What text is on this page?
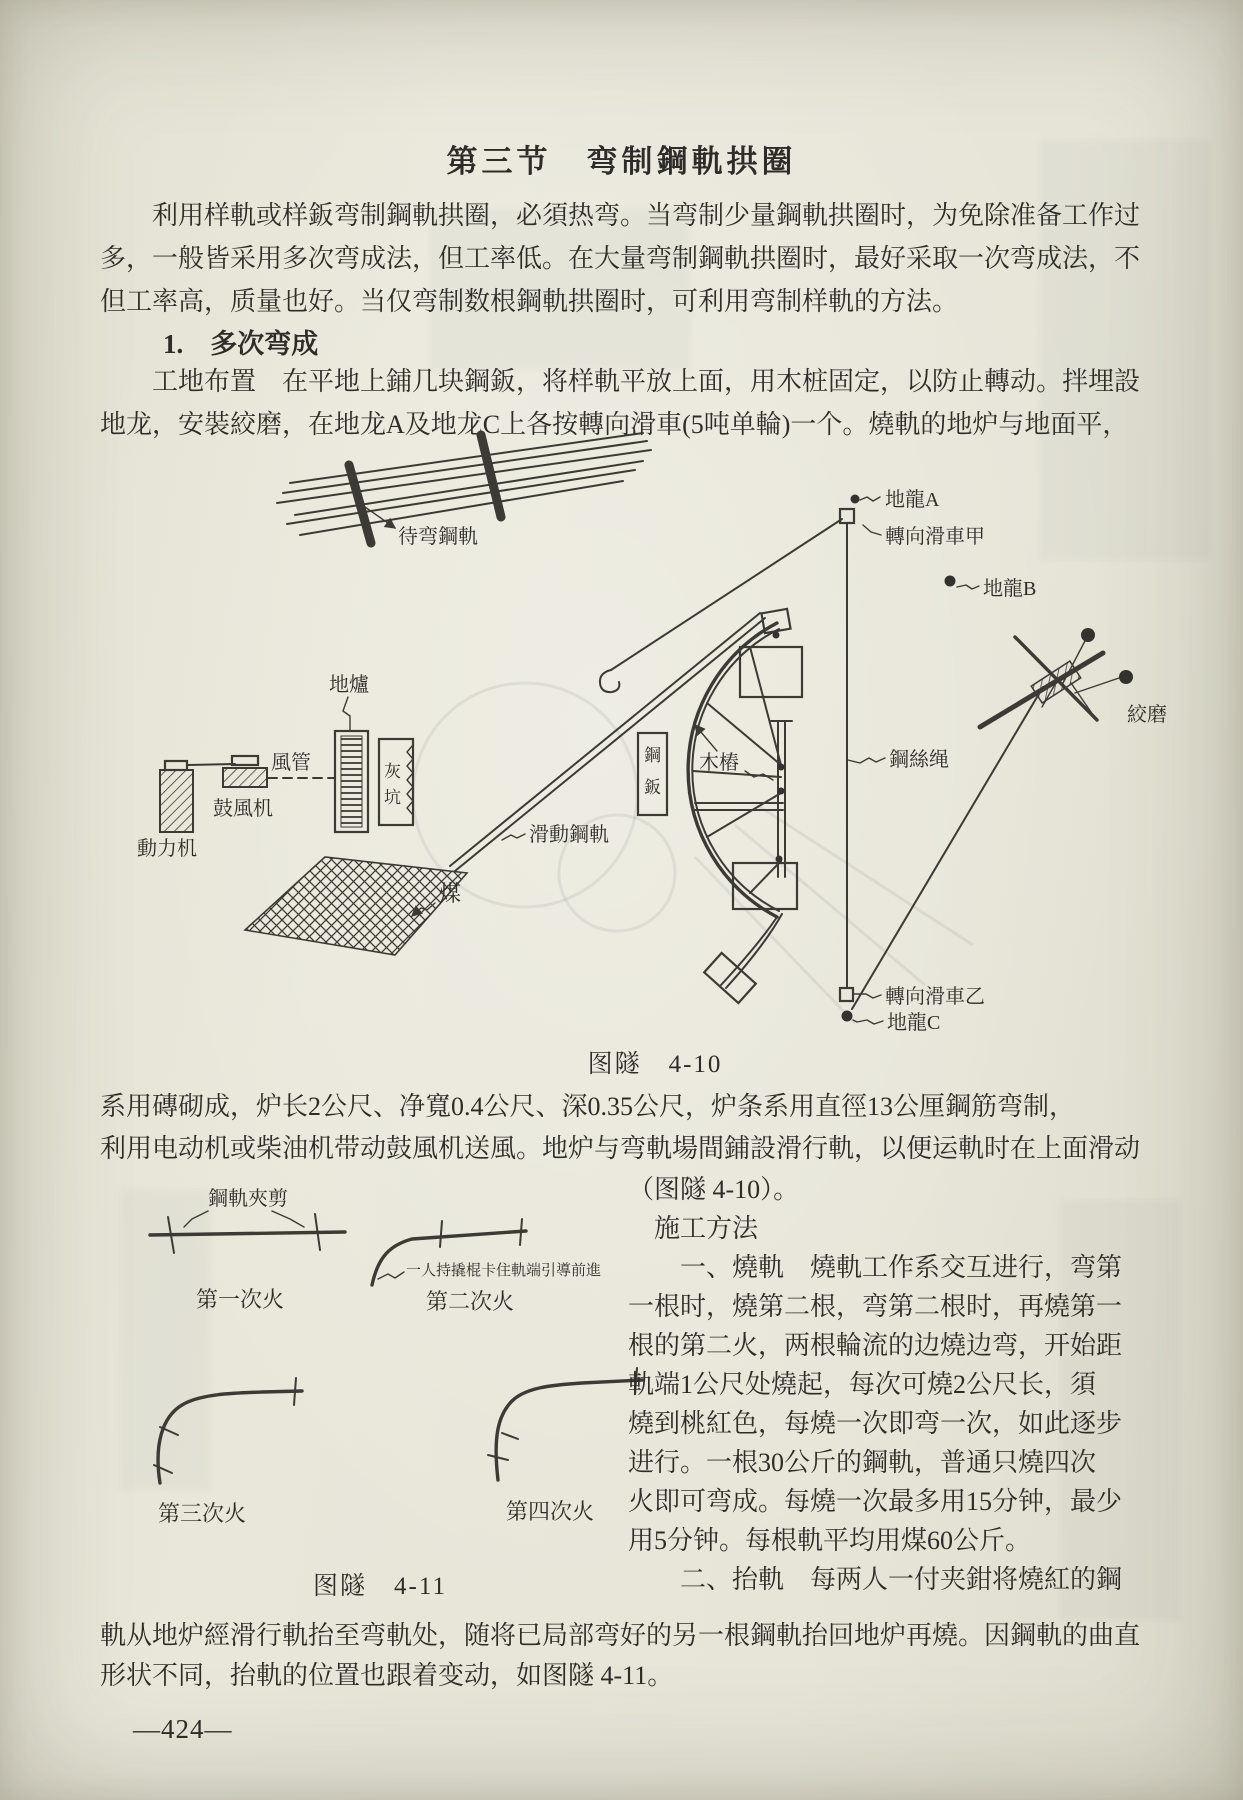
第三节　弯制鋼軌拱圈
　　利用样軌或样鈑弯制鋼軌拱圈，必須热弯。当弯制少量鋼軌拱圈时，为免除准备工作过
多，一般皆采用多次弯成法，但工率低。在大量弯制鋼軌拱圈时，最好采取一次弯成法，不
但工率高，质量也好。当仅弯制数根鋼軌拱圈时，可利用弯制样軌的方法。
1.　多次弯成
　　工地布置　在平地上鋪几块鋼鈑，将样軌平放上面，用木桩固定，以防止轉动。拌埋設
地龙，安裝絞磨，在地龙A及地龙C上各按轉向滑車(5吨单輪)一个。燒軌的地炉与地面平，
待弯鋼軌
地龍A
轉向滑車甲
地龍B
鋼絲绳
轉向滑車乙
地龍C
絞磨
動力机
鼓風机
風管
地爐
灰
坑
煤
滑動鋼軌
鋼
鈑
木樁
图隧　4-10
系用磚砌成，炉长2公尺、净寬0.4公尺、深0.35公尺，炉条系用直徑13公厘鋼筋弯制，
利用电动机或柴油机带动鼓風机送風。地炉与弯軌場間鋪設滑行軌，以便运軌时在上面滑动
鋼軌夾剪
第一次火
一人持撬棍卡住軌端引導前進
第二次火
第三次火	第四次火
图隧　4-11
（图隧 4-10）。
　施工方法
　　一、燒軌　燒軌工作系交互进行，弯第
一根时，燒第二根，弯第二根时，再燒第一
根的第二火，两根輪流的边燒边弯，开始距
軌端1公尺处燒起，每次可燒2公尺长，須
燒到桃紅色，每燒一次即弯一次，如此逐步
进行。一根30公斤的鋼軌，普通只燒四次
火即可弯成。每燒一次最多用15分钟，最少
用5分钟。每根軌平均用煤60公斤。
　　二、抬軌　每两人一付夹鉗将燒紅的鋼
軌从地炉經滑行軌抬至弯軌处，随将已局部弯好的另一根鋼軌抬回地炉再燒。因鋼軌的曲直
形状不同，抬軌的位置也跟着变动，如图隧 4-11。
—424—
